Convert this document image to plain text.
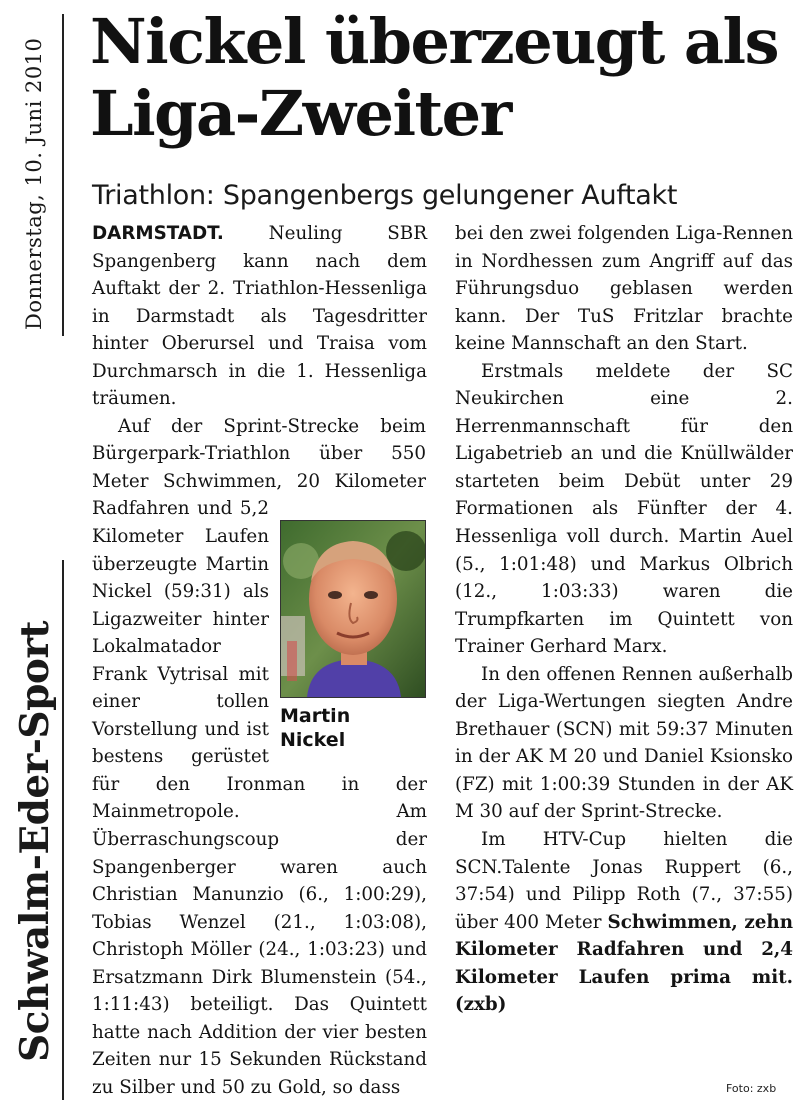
Donnerstag, 10. Juni 2010
Schwalm-Eder-Sport
Nickel überzeugt als Liga-Zweiter
Triathlon: Spangenbergs gelungener Auftakt

DARMSTADT. Neuling SBR Spangenberg kann nach dem Auftakt der 2. Triathlon-Hessenliga in Darmstadt als Tagesdritter hinter Oberursel und Traisa vom Durchmarsch in die 1. Hessenliga träumen.

Auf der Sprint-Strecke beim Bürgerpark-Triathlon über 550 Meter Schwimmen, 20 Kilometer Radfahren und 5,2 Kilometer Laufen überzeugte Martin Nickel (59:31) als Ligazweiter hinter Lokalmatador Frank Vytrisal mit einer tollen Vorstellung und ist bestens gerüstet für den Ironman in der Mainmetropole. Am Überraschungscoup der Spangenberger waren auch Christian Manunzio (6., 1:00:29), Tobias Wenzel (21., 1:03:08), Christoph Möller (24., 1:03:23) und Ersatzmann Dirk Blumenstein (54., 1:11:43) beteiligt. Das Quintett hatte nach Addition der vier besten Zeiten nur 15 Sekunden Rückstand zu Silber und 50 zu Gold, so dass

bei den zwei folgenden Liga-Rennen in Nordhessen zum Angriff auf das Führungsduo geblasen werden kann. Der TuS Fritzlar brachte keine Mannschaft an den Start.

Erstmals meldete der SC Neukirchen eine 2. Herrenmannschaft für den Ligabetrieb an und die Knüllwälder starteten beim Debüt unter 29 Formationen als Fünfter der 4. Hessenliga voll durch. Martin Auel (5., 1:01:48) und Markus Olbrich (12., 1:03:33) waren die Trumpfkarten im Quintett von Trainer Gerhard Marx.

In den offenen Rennen außerhalb der Liga-Wertungen siegten Andre Brethauer (SCN) mit 59:37 Minuten in der AK M 20 und Daniel Ksionsko (FZ) mit 1:00:39 Stunden in der AK M 30 auf der Sprint-Strecke.

Im HTV-Cup hielten die SCN.Talente Jonas Ruppert (6., 37:54) und Pilipp Roth (7., 37:55) über 400 Meter Schwimmen, zehn Kilometer Radfahren und 2,4 Kilometer Laufen prima mit. (zxb)

Martin
Nickel
Foto: zxb
